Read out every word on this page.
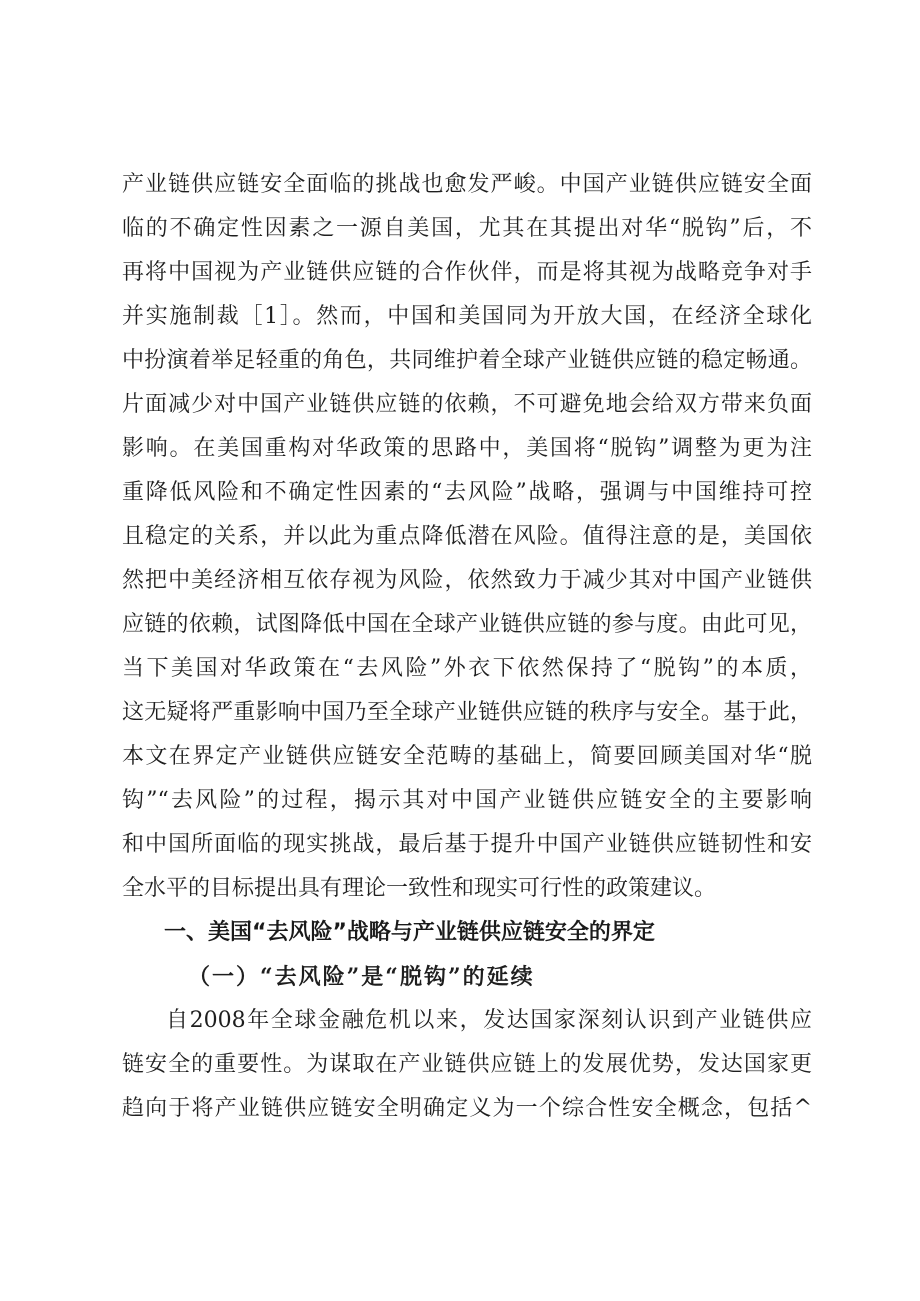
产业链供应链安全面临的挑战也愈发严峻。中国产业链供应链安全面

临的不确定性因素之一源自美国，尤其在其提出对华“脱钩”后，不

再将中国视为产业链供应链的合作伙伴，而是将其视为战略竞争对手

并实施制裁［1］。然而，中国和美国同为开放大国，在经济全球化

中扮演着举足轻重的角色，共同维护着全球产业链供应链的稳定畅通。

片面减少对中国产业链供应链的依赖，不可避免地会给双方带来负面

影响。在美国重构对华政策的思路中，美国将“脱钩”调整为更为注

重降低风险和不确定性因素的“去风险”战略，强调与中国维持可控

且稳定的关系，并以此为重点降低潜在风险。值得注意的是，美国依

然把中美经济相互依存视为风险，依然致力于减少其对中国产业链供

应链的依赖，试图降低中国在全球产业链供应链的参与度。由此可见，

当下美国对华政策在“去风险”外衣下依然保持了“脱钩”的本质，

这无疑将严重影响中国乃至全球产业链供应链的秩序与安全。基于此，

本文在界定产业链供应链安全范畴的基础上，简要回顾美国对华“脱

钩”“去风险”的过程，揭示其对中国产业链供应链安全的主要影响

和中国所面临的现实挑战，最后基于提升中国产业链供应链韧性和安

全水平的目标提出具有理论一致性和现实可行性的政策建议。

一、美国“去风险”战略与产业链供应链安全的界定
（一）“去风险”是“脱钩”的延续

自2008年全球金融危机以来，发达国家深刻认识到产业链供应

链安全的重要性。为谋取在产业链供应链上的发展优势，发达国家更

趋向于将产业链供应链安全明确定义为一个综合性安全概念，包括^
